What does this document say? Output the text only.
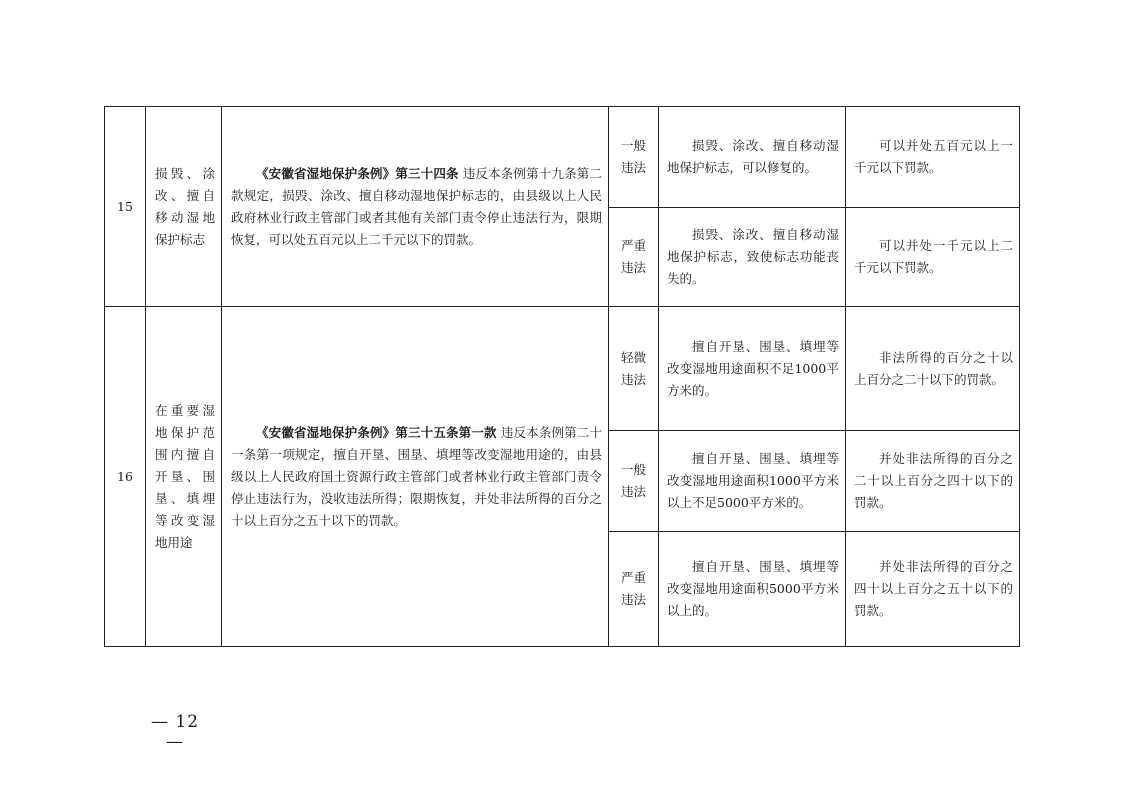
15	损毁、涂改、擅自移动湿地保护标志	《安徽省湿地保护条例》第三十四条 违反本条例第十九条第二款规定，损毁、涂改、擅自移动湿地保护标志的，由县级以上人民政府林业行政主管部门或者其他有关部门责令停止违法行为，限期恢复，可以处五百元以上二千元以下的罚款。	一般违法	损毁、涂改、擅自移动湿地保护标志，可以修复的。	可以并处五百元以上一千元以下罚款。

			严重违法	损毁、涂改、擅自移动湿地保护标志，致使标志功能丧失的。	可以并处一千元以上二千元以下罚款。

16	在重要湿地保护范围内擅自开垦、围垦、填埋等改变湿地用途	《安徽省湿地保护条例》第三十五条第一款 违反本条例第二十一条第一项规定，擅自开垦、围垦、填埋等改变湿地用途的，由县级以上人民政府国土资源行政主管部门或者林业行政主管部门责令停止违法行为，没收违法所得；限期恢复，并处非法所得的百分之十以上百分之五十以下的罚款。	轻微违法	擅自开垦、围垦、填埋等改变湿地用途面积不足1000平方米的。	非法所得的百分之十以上百分之二十以下的罚款。

			一般违法	擅自开垦、围垦、填埋等改变湿地用途面积1000平方米以上不足5000平方米的。	并处非法所得的百分之二十以上百分之四十以下的罚款。

			严重违法	擅自开垦、围垦、填埋等改变湿地用途面积5000平方米以上的。	并处非法所得的百分之四十以上百分之五十以下的罚款。
— 12 —
